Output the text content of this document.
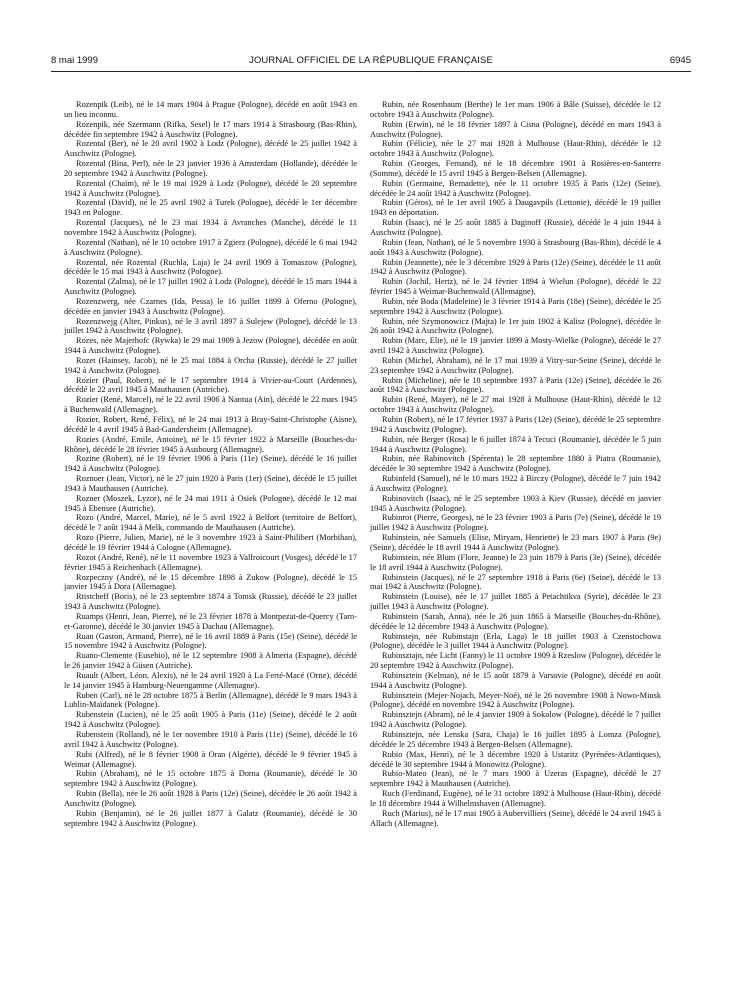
8 mai 1999	JOURNAL OFFICIEL DE LA RÉPUBLIQUE FRANÇAISE	6945

Rozenpik (Leib), né le 14 mars 1904 à Prague (Pologne), décédé en août 1943 en un lieu inconnu.

Rozenpik, née Szermann (Rifka, Sesel) le 17 mars 1914 à Strasbourg (Bas-Rhin), décédée fin septembre 1942 à Auschwitz (Pologne).

Rozental (Ber), né le 20 avril 1902 à Lodz (Pologne), décédé le 25 juillet 1942 à Auschwitz (Pologne).

Rozental (Bina, Perl), née le 23 janvier 1936 à Amsterdam (Hollande), décédée le 20 septembre 1942 à Auschwitz (Pologne).

Rozental (Chaïm), né le 19 mai 1929 à Lodz (Pologne), décédé le 20 septembre 1942 à Auschwitz (Pologne).

Rozental (David), né le 25 avril 1902 à Turek (Pologne), décédé le 1er décembre 1943 en Pologne.

Rozental (Jacques), né le 23 mai 1934 à Avranches (Manche), décédé le 11 novembre 1942 à Auschwitz (Pologne).

Rozental (Nathan), né le 10 octobre 1917 à Zgierz (Pologne), décédé le 6 mai 1942 à Auschwitz (Pologne).

Rozental, née Rozental (Ruchla, Laja) le 24 avril 1909 à Tomaszow (Pologne), décédée le 15 mai 1943 à Auschwitz (Pologne).

Rozental (Zalma), né le 17 juillet 1902 à Lodz (Pologne), décédé le 15 mars 1944 à Auschwitz (Pologne).

Rozenzwerg, née Czarnes (Ida, Pessa) le 16 juillet 1899 à Oferno (Pologne), décédée en janvier 1943 à Auschwitz (Pologne).

Rozenzwejg (Alter, Pinkus), né le 3 avril 1897 à Sulejew (Pologne), décédé le 13 juillet 1942 à Auschwitz (Pologne).

Rozes, née Majerhofc (Rywka) le 29 mai 1909 à Jezow (Pologne), décédée en août 1944 à Auschwitz (Pologne).

Rozet (Hainsey, Jacob), né le 25 mai 1884 à Orcha (Russie), décédé le 27 juillet 1942 à Auschwitz (Pologne).

Rozier (Paul, Robert), né le 17 septembre 1914 à Vivier-au-Court (Ardennes), décédé le 22 avril 1945 à Mauthausen (Autriche).

Rozier (René, Marcel), né le 22 avril 1906 à Nantua (Ain), décédé le 22 mars 1945 à Buchenwald (Allemagne).

Rozier, Robert, René, Félix), né le 24 mai 1913 à Bray-Saint-Christophe (Aisne), décédé le 4 avril 1945 à Bad-Gandersheim (Allemagne).

Rozies (André, Emile, Antoine), né le 15 février 1922 à Marseille (Bouches-du-Rhône), décédé le 28 février 1945 à Ausbourg (Allemagne).

Rozine (Robert), né le 19 février 1906 à Paris (11e) (Seine), décédé le 16 juillet 1942 à Auschwitz (Pologne).

Roznoer (Jean, Victor), né le 27 juin 1920 à Paris (1er) (Seine), décédé le 15 juillet 1943 à Mauthausen (Autriche).

Rozner (Moszek, Lyzor), né le 24 mai 1911 à Osiek (Pologne), décédé le 12 mai 1945 à Ebensee (Autriche).

Rozo (André, Marcel, Marie), né le 5 avril 1922 à Belfort (territoire de Belfort), décédé le 7 août 1944 à Melk, commando de Mauthausen (Autriche).

Rozo (Pierre, Julien, Marie), né le 3 novembre 1923 à Saint-Philibert (Morbihan), décédé le 19 février 1944 à Cologne (Allemagne).

Rozot (André, René), né le 11 novembre 1923 à Valfroicourt (Vosges), décédé le 17 février 1945 à Reichenbach (Allemagne).

Rozpeczny (André), né le 15 décembre 1898 à Zukow (Pologne), décédé le 15 janvier 1945 à Dora (Allemagne).

Rtistcheff (Boris), né le 23 septembre 1874 à Tomsk (Russie), décédé le 23 juillet 1943 à Auschwitz (Pologne).

Ruamps (Henri, Jean, Pierre), né le 23 février 1878 à Montpezat-de-Quercy (Tarn-et-Garonne), décédé le 30 janvier 1945 à Dachau (Allemagne).

Ruan (Gaston, Armand, Pierre), né le 16 avril 1889 à Paris (15e) (Seine), décédé le 15 novembre 1942 à Auschwitz (Pologne).

Ruano-Clemente (Eusebio), né le 12 septembre 1908 à Almeria (Espagne), décédé le 26 janvier 1942 à Güsen (Autriche).

Ruault (Albert, Léon, Alexis), né le 24 avril 1920 à La Ferté-Macé (Orne), décédé le 14 janvier 1945 à Hamburg-Neuengamme (Allemagne).

Ruben (Carl), né le 28 octobre 1875 à Berlin (Allemagne), décédé le 9 mars 1943 à Lublin-Maïdanek (Pologne).

Rubenstein (Lucien), né le 25 août 1905 à Paris (11e) (Seine), décédé le 2 août 1942 à Auschwitz (Pologne).

Rubenstein (Rolland), né le 1er novembre 1910 à Paris (11e) (Seine), décédé le 16 avril 1942 à Auschwitz (Pologne).

Rubi (Alfred), né le 8 février 1908 à Oran (Algérie), décédé le 9 février 1945 à Weimar (Allemagne).

Rubin (Abraham), né le 15 octobre 1875 à Dorna (Roumanie), décédé le 30 septembre 1942 à Auschwitz (Pologne).

Rubin (Bella), née le 26 août 1928 à Paris (12e) (Seine), décédée le 26 août 1942 à Auschwitz (Pologne).

Rubin (Benjamin), né le 26 juillet 1877 à Galatz (Roumanie), décédé le 30 septembre 1942 à Auschwitz (Pologne).

Rubin, née Rosenbaum (Berthe) le 1er mars 1906 à Bâle (Suisse), décédée le 12 octobre 1943 à Auschwitz (Pologne).

Rubin (Erwin), né le 18 février 1897 à Cisna (Pologne), décédé en mars 1943 à Auschwitz (Pologne).

Rubin (Félicie), née le 27 mai 1928 à Mulhouse (Haut-Rhin), décédée le 12 octobre 1943 à Auschwitz (Pologne).

Rubin (Georges, Fernand), né le 18 décembre 1901 à Rosières-en-Santerre (Somme), décédé le 15 avril 1945 à Bergen-Belsen (Allemagne).

Rubin (Germaine, Bernadette), née le 11 octobre 1935 à Paris (12e) (Seine), décédée le 24 août 1942 à Auschwitz (Pologne).

Rubin (Géros), né le 1er avril 1905 à Daugavpils (Lettonie), décédé le 19 juillet 1943 en déportation.

Rubin (Isaac), né le 25 août 1885 à Daginoff (Russie), décédé le 4 juin 1944 à Auschwitz (Pologne).

Rubin (Jean, Nathan), né le 5 novembre 1930 à Strasbourg (Bas-Rhin), décédé le 4 août 1943 à Auschwitz (Pologne).

Rubin (Jeannette), née le 3 décembre 1929 à Paris (12e) (Seine), décédée le 11 août 1942 à Auschwitz (Pologne).

Rubin (Jochil, Hertz), né le 24 février 1894 à Wielun (Pologne), décédé le 22 février 1945 à Weimar-Buchenwald (Allemagne).

Rubin, née Boda (Madeleine) le 3 février 1914 à Paris (18e) (Seine), décédée le 25 septembre 1942 à Auschwitz (Pologne).

Rubin, née Szymonowicz (Majta) le 1er juin 1902 à Kalisz (Pologne), décédée le 26 août 1942 à Auschwitz (Pologne).

Rubin (Marc, Elie), né le 19 janvier 1899 à Mosty-Wielke (Pologne), décédé le 27 avril 1942 à Auschwitz (Pologne).

Rubin (Michel, Abraham), né le 17 mai 1939 à Vitry-sur-Seine (Seine), décédé le 23 septembre 1942 à Auschwitz (Pologne).

Rubin (Micheline), née le 18 septembre 1937 à Paris (12e) (Seine), décédée le 26 août 1942 à Auschwitz (Pologne).

Rubin (René, Mayer), né le 27 mai 1928 à Mulhouse (Haut-Rhin), décédé le 12 octobre 1943 à Auschwitz (Pologne).

Rubin (Robert), né le 17 février 1937 à Paris (12e) (Seine), décédé le 25 septembre 1942 à Auschwitz (Pologne).

Rubin, née Berger (Rosa) le 6 juillet 1874 à Tecuci (Roumanie), décédée le 5 juin 1944 à Auschwitz (Pologne).

Rubin, née Rabinovitch (Spérenta) le 28 septembre 1880 à Piatra (Roumanie), décédée le 30 septembre 1942 à Auschwitz (Pologne).

Rubinfeld (Samuel), né le 10 mars 1922 à Birczy (Pologne), décédé le 7 juin 1942 à Auschwitz (Pologne).

Rubinovitch (Isaac), né le 25 septembre 1903 à Kiev (Russie), décédé en janvier 1945 à Auschwitz (Pologne).

Rubinrot (Pierre, Georges), né le 23 février 1903 à Paris (7e) (Seine), décédé le 19 juillet 1942 à Auschwitz (Pologne).

Rubinstein, née Samuels (Elise, Miryam, Henriette) le 23 mars 1907 à Paris (9e) (Seine), décédée le 18 avril 1944 à Auschwitz (Pologne).

Rubinstein, née Blum (Flore, Jeanne) le 23 juin 1879 à Paris (3e) (Seine), décédée le 18 avril 1944 à Auschwitz (Pologne).

Rubinstein (Jacques), né le 27 septembre 1918 à Paris (6e) (Seine), décédé le 13 mai 1942 à Auschwitz (Pologne).

Rubinstein (Louise), née le 17 juillet 1885 à Petachtikva (Syrie), décédée le 23 juillet 1943 à Auschwitz (Pologne).

Rubinstein (Sarah, Anna), née le 26 juin 1865 à Marseille (Bouches-du-Rhône), décédée le 12 décembre 1943 à Auschwitz (Pologne).

Rubinstejn, née Rubinstajn (Erla, Laga) le 18 juillet 1903 à Czenstochowa (Pologne), décédée le 3 juillet 1944 à Auschwitz (Pologne).

Rubinsztajn, née Licht (Fanny) le 11 octobre 1909 à Rzeslow (Pologne), décédée le 20 septembre 1942 à Auschwitz (Pologne).

Rubinsztein (Kelman), né le 15 août 1879 à Varsovie (Pologne), décédé en août 1944 à Auschwitz (Pologne).

Rubinsztein (Mejer-Nojach, Meyer-Noé), né le 26 novembre 1908 à Nowo-Minsk (Pologne), décédé en novembre 1942 à Auschwitz (Pologne).

Rubinsztejn (Abram), né le 4 janvier 1909 à Sokolow (Pologne), décédé le 7 juillet 1942 à Auschwitz (Pologne).

Rubinsztejn, née Lenska (Sara, Chaja) le 16 juillet 1895 à Lomza (Pologne), décédée le 25 décembre 1943 à Bergen-Belsen (Allemagne).

Rubio (Max, Henri), né le 3 décembre 1920 à Ustaritz (Pyrénées-Atlantiques), décédé le 30 septembre 1944 à Monowitz (Pologne).

Rubio-Mateo (Jean), né le 7 mars 1900 à Uzeras (Espagne), décédé le 27 septembre 1942 à Mauthausen (Autriche).

Ruch (Ferdinand, Eugène), né le 31 octobre 1892 à Mulhouse (Haut-Rhin), décédé le 18 décembre 1944 à Wilhelmshaven (Allemagne).

Ruch (Marius), né le 17 mai 1905 à Aubervilliers (Seine), décédé le 24 avril 1945 à Allach (Allemagne).
